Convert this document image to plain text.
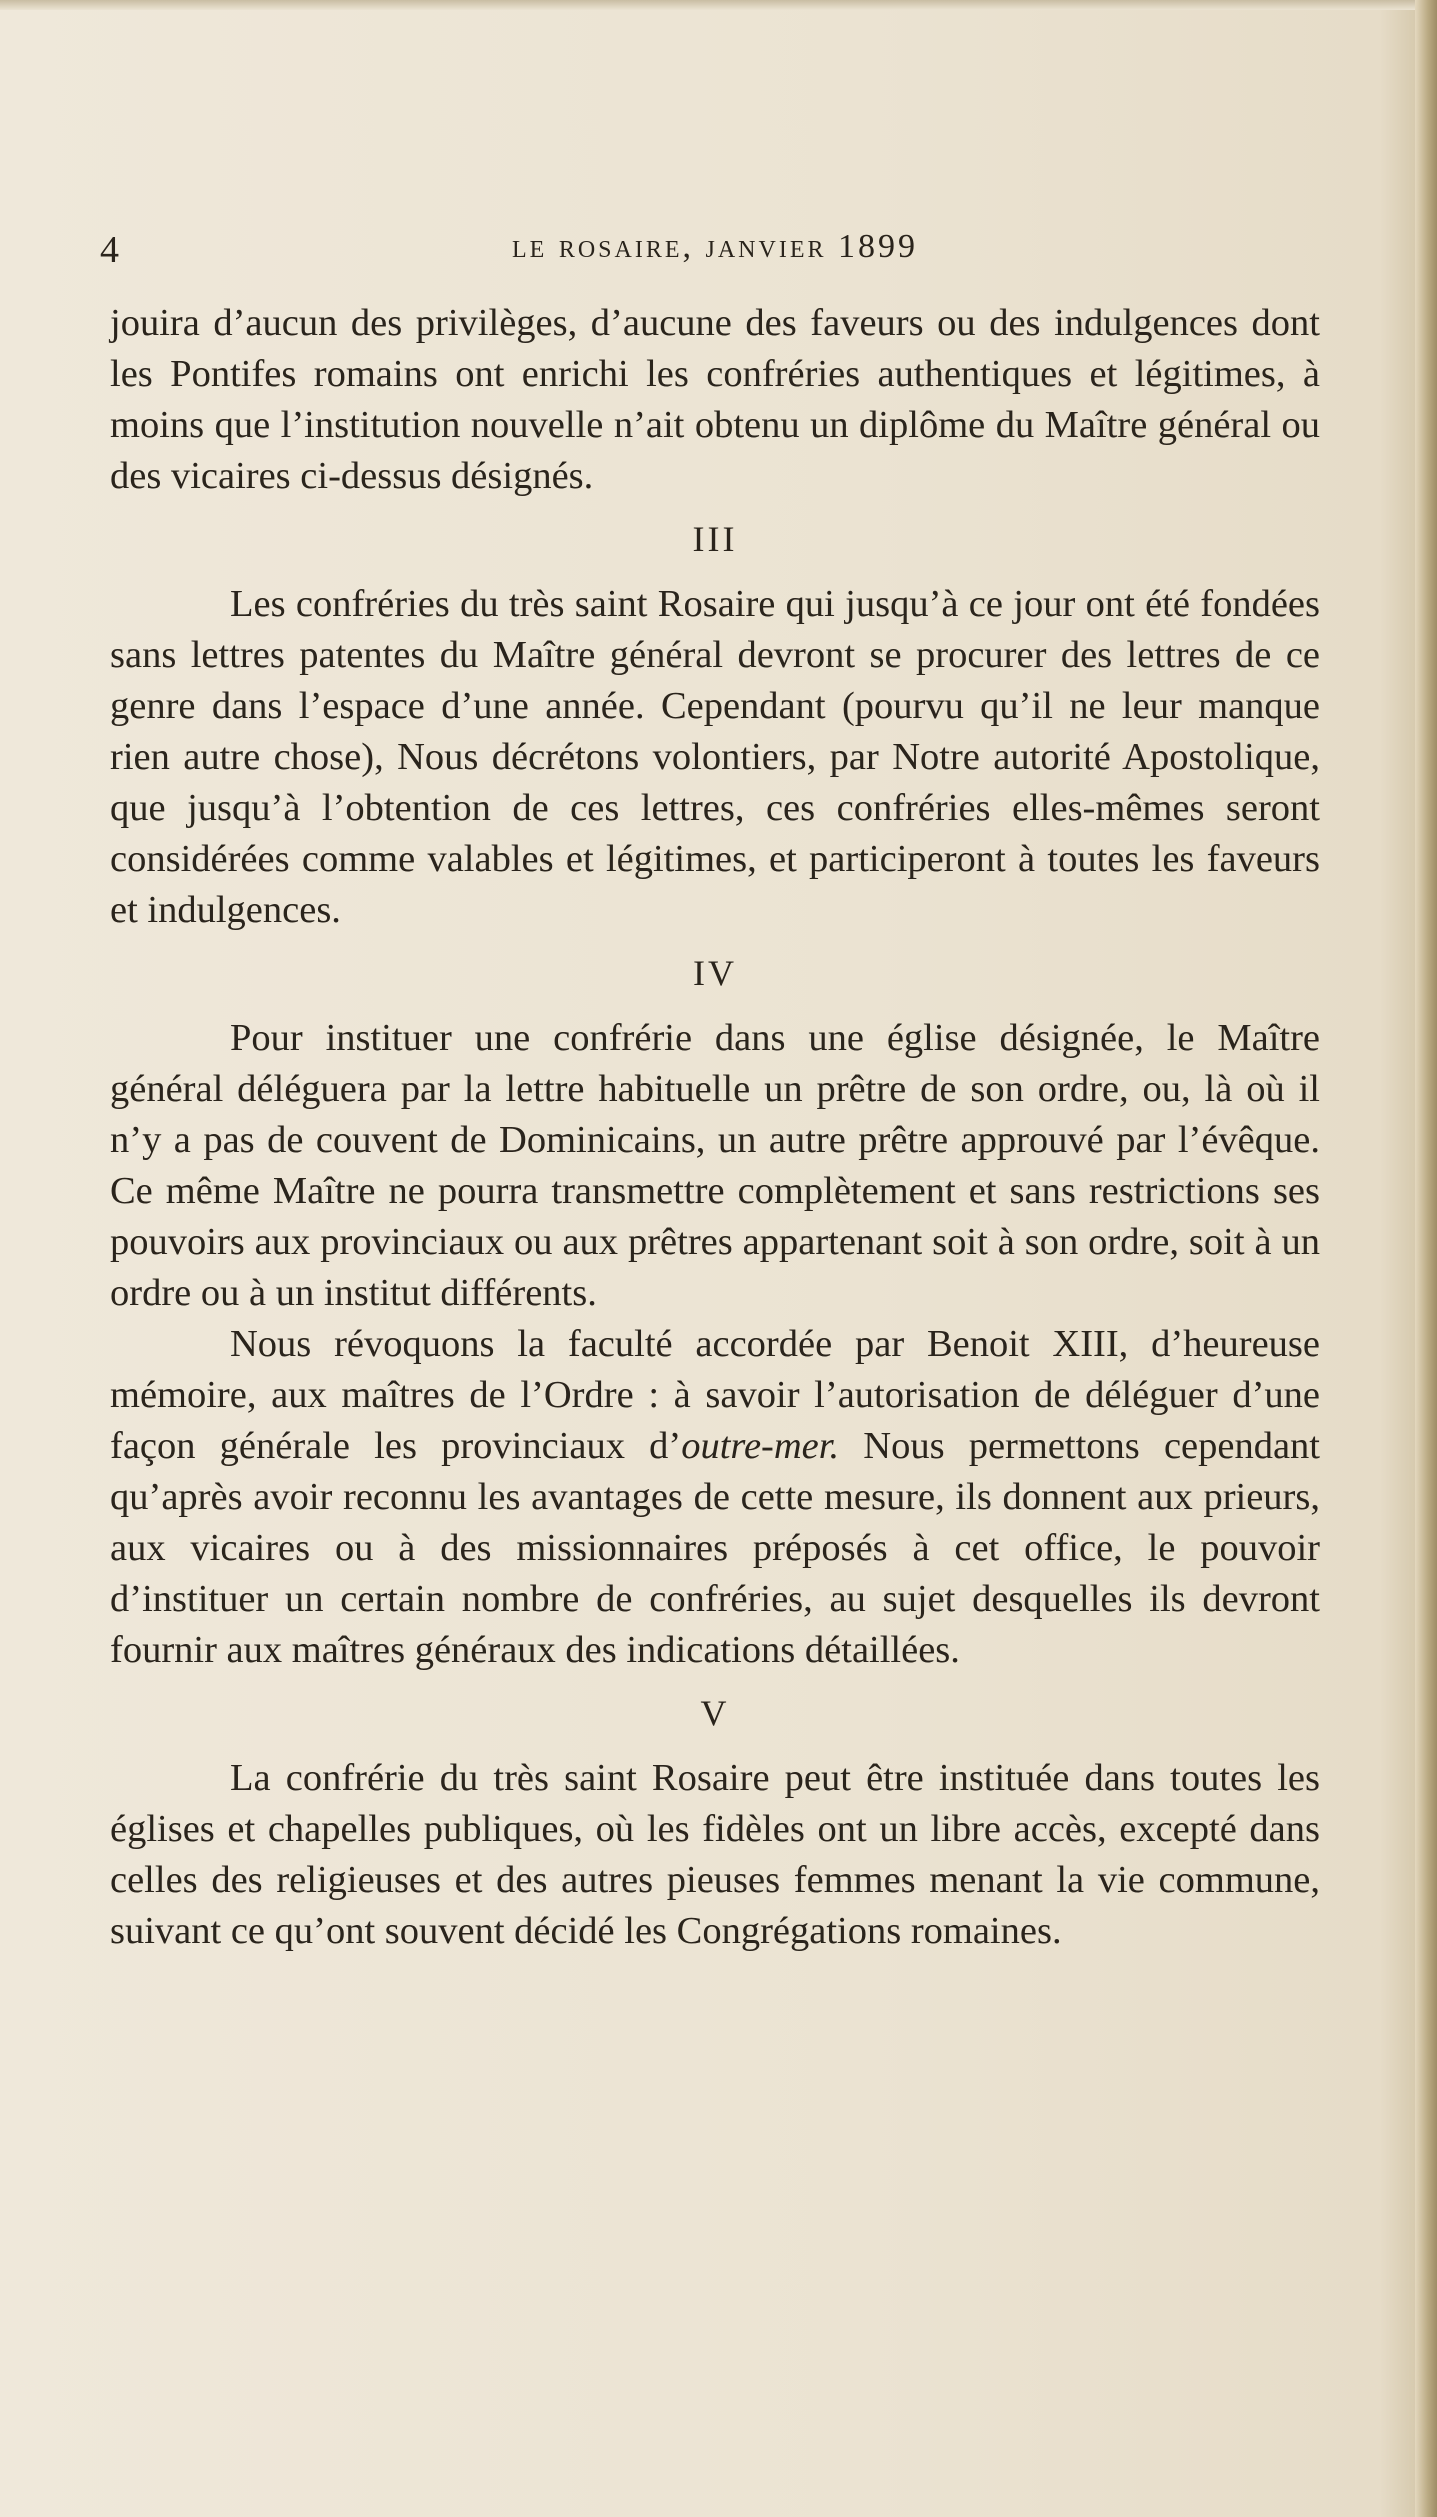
4	le rosaire, janvier 1899

jouira d’aucun des privilèges, d’aucune des faveurs ou des indulgences dont les Pontifes romains ont enrichi les confréries authentiques et légitimes, à moins que l’institution nouvelle n’ait obtenu un diplôme du Maître général ou des vicaires ci-dessus désignés.

III

Les confréries du très saint Rosaire qui jusqu’à ce jour ont été fondées sans lettres patentes du Maître général devront se procurer des lettres de ce genre dans l’espace d’une année. Cependant (pourvu qu’il ne leur manque rien autre chose), Nous décrétons volontiers, par Notre autorité Apostolique, que jusqu’à l’obtention de ces lettres, ces confréries elles-mêmes seront considérées comme valables et légitimes, et participeront à toutes les faveurs et indulgences.

IV

Pour instituer une confrérie dans une église désignée, le Maître général déléguera par la lettre habituelle un prêtre de son ordre, ou, là où il n’y a pas de couvent de Dominicains, un autre prêtre approuvé par l’évêque. Ce même Maître ne pourra transmettre complètement et sans restrictions ses pouvoirs aux provinciaux ou aux prêtres appartenant soit à son ordre, soit à un ordre ou à un institut différents.

Nous révoquons la faculté accordée par Benoit XIII, d’heureuse mémoire, aux maîtres de l’Ordre : à savoir l’autorisation de déléguer d’une façon générale les provinciaux d’outre-mer. Nous permettons cependant qu’après avoir reconnu les avantages de cette mesure, ils donnent aux prieurs, aux vicaires ou à des missionnaires préposés à cet office, le pouvoir d’instituer un certain nombre de confréries, au sujet desquelles ils devront fournir aux maîtres généraux des indications détaillées.

V

La confrérie du très saint Rosaire peut être instituée dans toutes les églises et chapelles publiques, où les fidèles ont un libre accès, excepté dans celles des religieuses et des autres pieuses femmes menant la vie commune, suivant ce qu’ont souvent décidé les Congrégations romaines.
